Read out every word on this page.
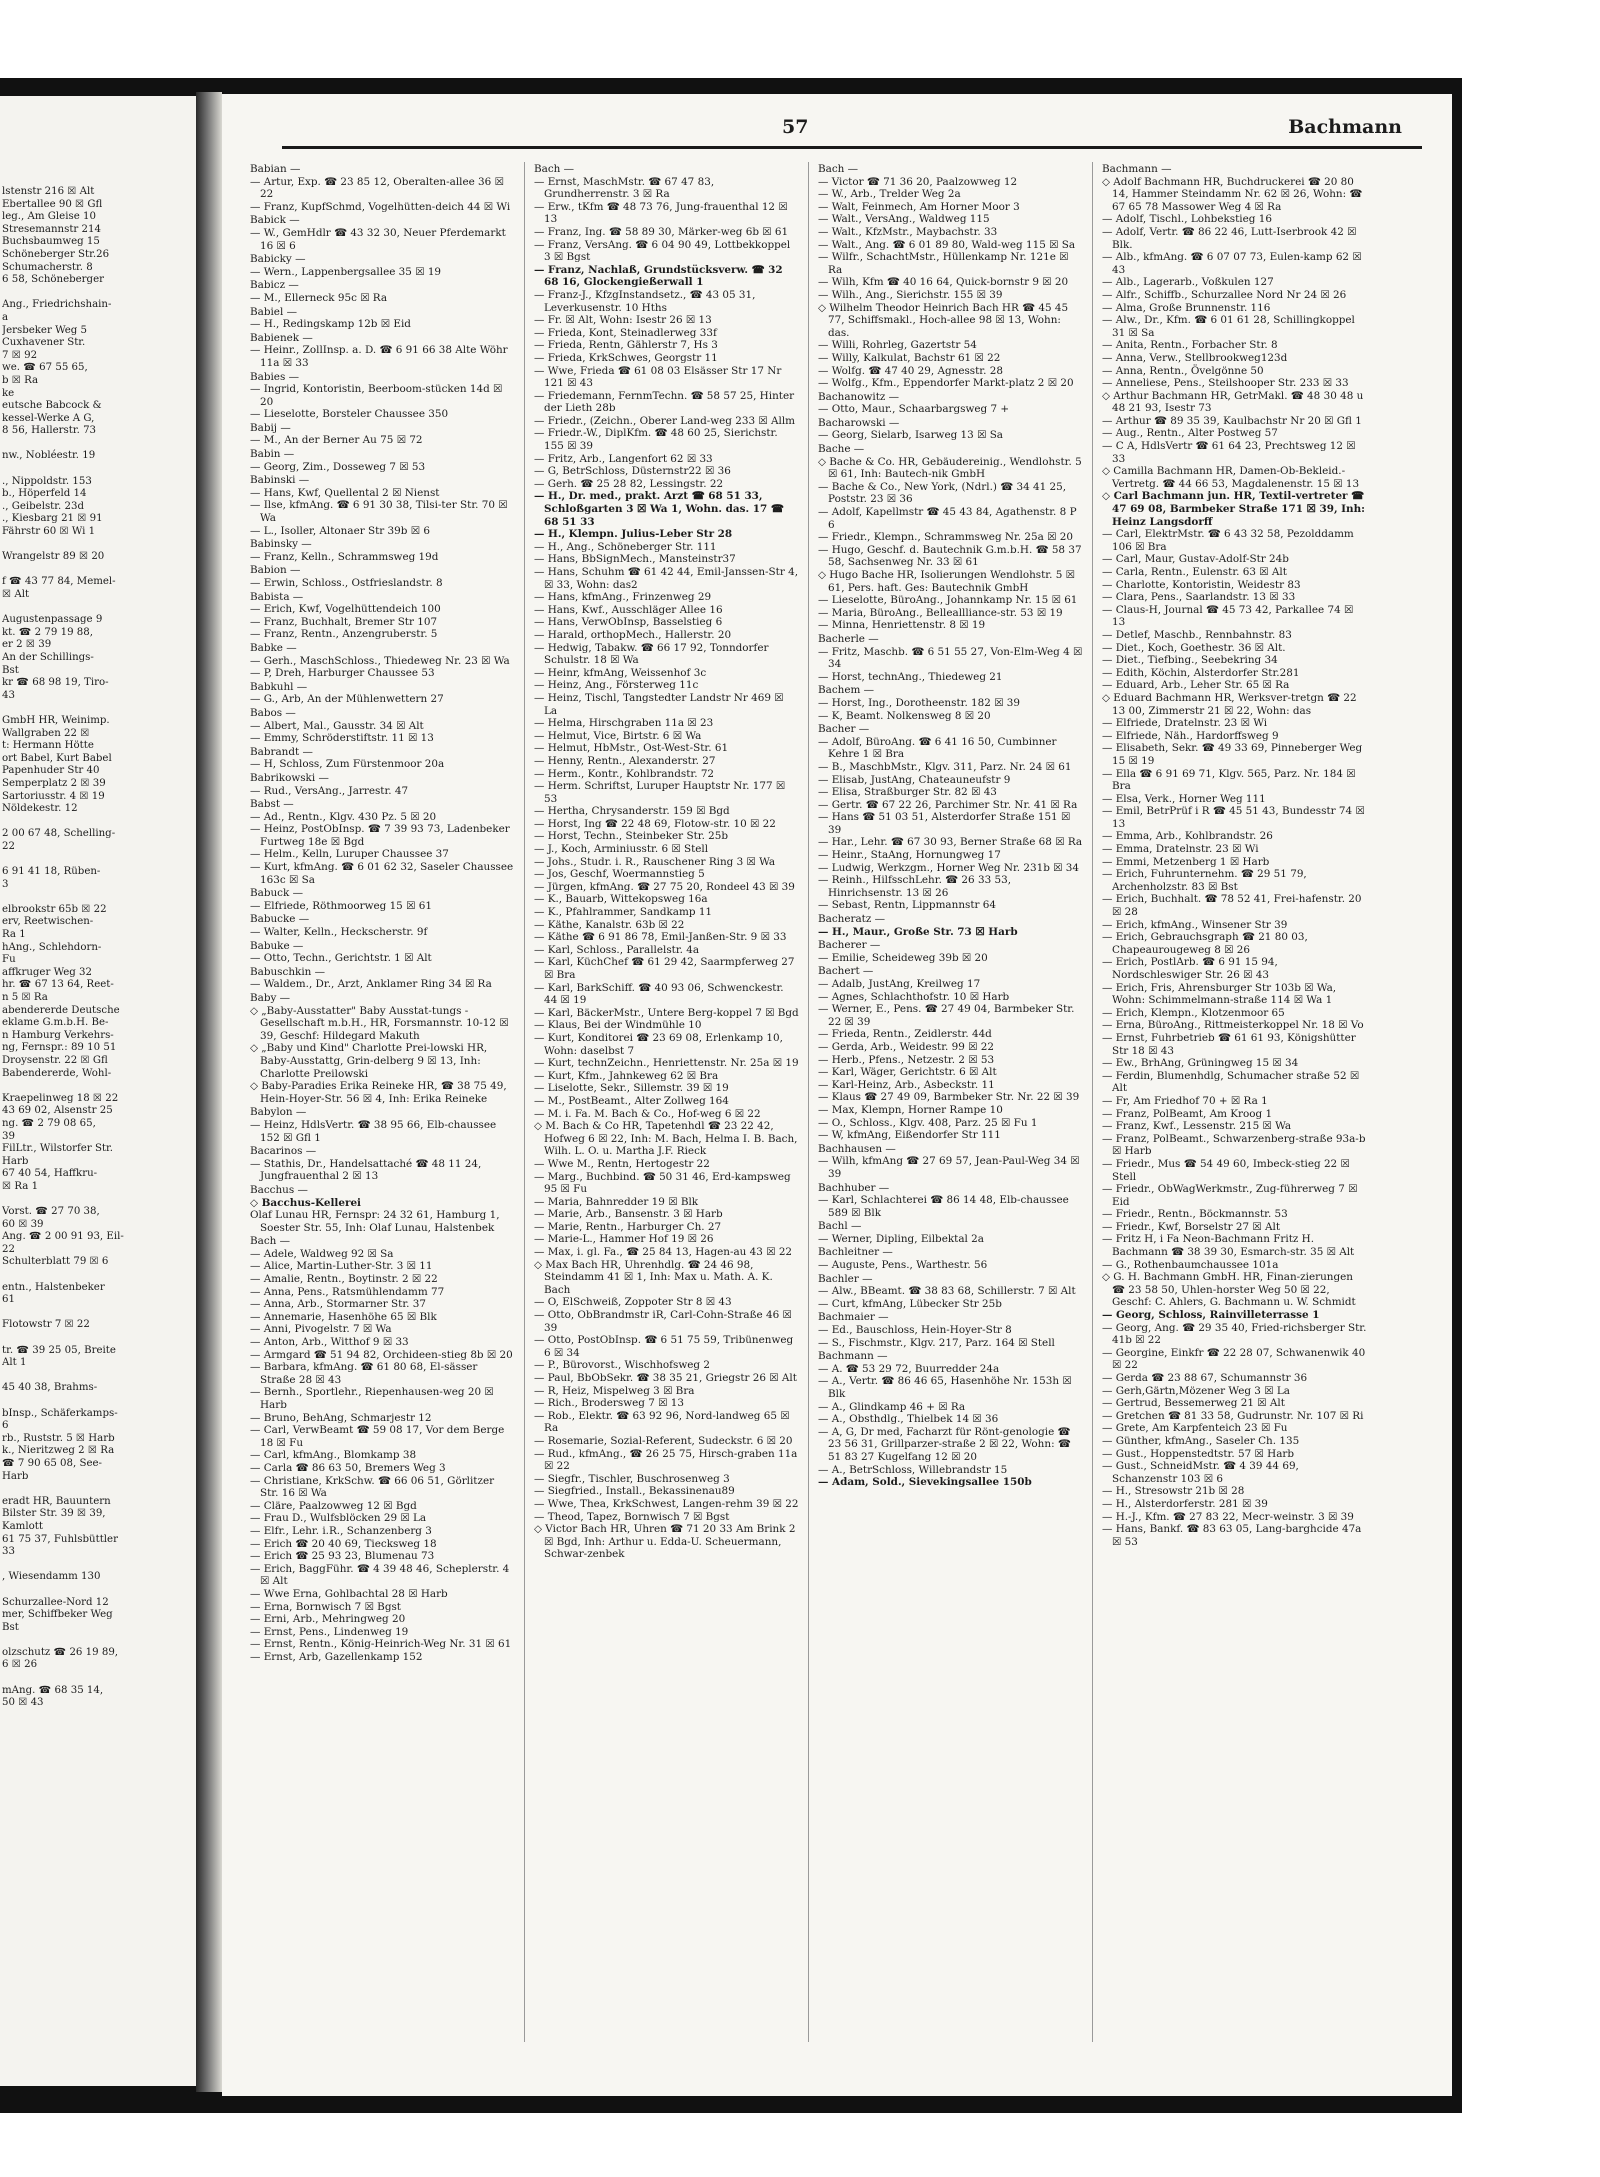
lstenstr 216 ☒ Alt
Ebertallee 90 ☒ Gfl
leg., Am Gleise 10
Stresemannstr 214
Buchsbaumweg 15
Schöneberger Str.26
Schumacherstr. 8
6 58, Schöneberger

Ang., Friedrichshain-
a
Jersbeker Weg 5
Cuxhavener Str.
7 ☒ 92
we. ☎ 67 55 65,
b ☒ Ra
ke
eutsche Babcock &
kessel-Werke A G,
8 56, Hallerstr. 73

nw., Nobléestr. 19

., Nippoldstr. 153
b., Höperfeld 14
., Geibelstr. 23d
., Kiesbarg 21 ☒ 91
Fährstr 60 ☒ Wi 1

Wrangelstr 89 ☒ 20

f ☎ 43 77 84, Memel-
☒ Alt

Augustenpassage 9
kt. ☎ 2 79 19 88,
er 2 ☒ 39
An der Schillings-
Bst
kr ☎ 68 98 19, Tiro-
43

GmbH HR, Weinimp.
Wallgraben 22 ☒
t: Hermann Hötte
ort Babel, Kurt Babel
Papenhuder Str 40
Semperplatz 2 ☒ 39
Sartoriusstr. 4 ☒ 19
Nöldekestr. 12

2 00 67 48, Schelling-
22

6 91 41 18, Rüben-
3

elbrookstr 65b ☒ 22
erv, Reetwischen-
Ra 1
hAng., Schlehdorn-
Fu
affkruger Weg 32
hr. ☎ 67 13 64, Reet-
n 5 ☒ Ra
abendererde Deutsche
eklame G.m.b.H. Be-
n Hamburg Verkehrs-
ng, Fernspr.: 89 10 51
Droysenstr. 22 ☒ Gfl
Babendererde, Wohl-

Kraepelinweg 18 ☒ 22
43 69 02, Alsenstr 25
ng. ☎ 2 79 08 65,
39
FilLtr., Wilstorfer Str.
Harb
67 40 54, Haffkru-
☒ Ra 1

Vorst. ☎ 27 70 38,
60 ☒ 39
Ang. ☎ 2 00 91 93, Eil-
22
Schulterblatt 79 ☒ 6

entn., Halstenbeker
61

Flotowstr 7 ☒ 22

tr. ☎ 39 25 05, Breite
Alt 1

45 40 38, Brahms-

bInsp., Schäferkamps-
6
rb., Ruststr. 5 ☒ Harb
k., Nieritzweg 2 ☒ Ra
☎ 7 90 65 08, See-
Harb

eradt HR, Bauuntern
Bilster Str. 39 ☒ 39,
Kamlott
61 75 37, Fuhlsbüttler
33

, Wiesendamm 130

Schurzallee-Nord 12
mer, Schiffbeker Weg
Bst

olzschutz ☎ 26 19 89,
6 ☒ 26

mAng. ☎ 68 35 14,
50 ☒ 43
57	Bachmann
Babian —
— Artur, Exp. ☎ 23 85 12, Oberalten-allee 36 ☒ 22
— Franz, KupfSchmd, Vogelhütten-deich 44 ☒ Wi
Babick —
— W., GemHdlr ☎ 43 32 30, Neuer Pferdemarkt 16 ☒ 6
Babicky —
— Wern., Lappenbergsallee 35 ☒ 19
Babicz —
— M., Ellerneck 95c ☒ Ra
Babiel —
— H., Redingskamp 12b ☒ Eid
Babienek —
— Heinr., ZollInsp. a. D. ☎ 6 91 66 38 Alte Wöhr 11a ☒ 33
Babies —
— Ingrid, Kontoristin, Beerboom-stücken 14d ☒ 20
— Lieselotte, Borsteler Chaussee 350
Babij —
— M., An der Berner Au 75 ☒ 72
Babin —
— Georg, Zim., Dosseweg 7 ☒ 53
Babinski —
— Hans, Kwf, Quellental 2 ☒ Nienst
— Ilse, kfmAng. ☎ 6 91 30 38, Tilsi-ter Str. 70 ☒ Wa
— L., Isoller, Altonaer Str 39b ☒ 6
Babinsky —
— Franz, Kelln., Schrammsweg 19d
Babion —
— Erwin, Schloss., Ostfrieslandstr. 8
Babista —
— Erich, Kwf, Vogelhüttendeich 100
— Franz, Buchhalt, Bremer Str 107
— Franz, Rentn., Anzengruberstr. 5
Babke —
— Gerh., MaschSchloss., Thiedeweg Nr. 23 ☒ Wa
— P, Dreh, Harburger Chaussee 53
Babkuhl —
— G., Arb, An der Mühlenwettern 27
Babos —
— Albert, Mal., Gausstr. 34 ☒ Alt
— Emmy, Schröderstiftstr. 11 ☒ 13
Babrandt —
— H, Schloss, Zum Fürstenmoor 20a
Babrikowski —
— Rud., VersAng., Jarrestr. 47
Babst —
— Ad., Rentn., Klgv. 430 Pz. 5 ☒ 20
— Heinz, PostObInsp. ☎ 7 39 93 73, Ladenbeker Furtweg 18e ☒ Bgd
— Helm., Kelln, Luruper Chaussee 37
— Kurt, kfmAng. ☎ 6 01 62 32, Saseler Chaussee 163c ☒ Sa
Babuck —
— Elfriede, Röthmoorweg 15 ☒ 61
Babucke —
— Walter, Kelln., Heckscherstr. 9f
Babuke —
— Otto, Techn., Gerichtstr. 1 ☒ Alt
Babuschkin —
— Waldem., Dr., Arzt, Anklamer Ring 34 ☒ Ra
Baby —
◇ „Baby-Ausstatter" Baby Ausstat-tungs - Gesellschaft m.b.H., HR, Forsmannstr. 10-12 ☒ 39, Geschf: Hildegard Makuth
◇ „Baby und Kind" Charlotte Prei-lowski HR, Baby-Ausstattg, Grin-delberg 9 ☒ 13, Inh: Charlotte Preilowski
◇ Baby-Paradies Erika Reineke HR, ☎ 38 75 49, Hein-Hoyer-Str. 56 ☒ 4, Inh: Erika Reineke
Babylon —
— Heinz, HdlsVertr. ☎ 38 95 66, Elb-chaussee 152 ☒ Gfl 1
Bacarinos —
— Stathis, Dr., Handelsattaché ☎ 48 11 24, Jungfrauenthal 2 ☒ 13
Bacchus —
◇ Bacchus-Kellerei
Olaf Lunau HR, Fernspr: 24 32 61, Hamburg 1, Soester Str. 55, Inh: Olaf Lunau, Halstenbek
Bach —
— Adele, Waldweg 92 ☒ Sa
— Alice, Martin-Luther-Str. 3 ☒ 11
— Amalie, Rentn., Boytinstr. 2 ☒ 22
— Anna, Pens., Ratsmühlendamm 77
— Anna, Arb., Stormarner Str. 37
— Annemarie, Hasenhöhe 65 ☒ Blk
— Anni, Pivogelstr. 7 ☒ Wa
— Anton, Arb., Witthof 9 ☒ 33
— Armgard ☎ 51 94 82, Orchideen-stieg 8b ☒ 20
— Barbara, kfmAng. ☎ 61 80 68, El-sässer Straße 28 ☒ 43
— Bernh., Sportlehr., Riepenhausen-weg 20 ☒ Harb
— Bruno, BehAng, Schmarjestr 12
— Carl, VerwBeamt ☎ 59 08 17, Vor dem Berge 18 ☒ Fu
— Carl, kfmAng., Blomkamp 38
— Carla ☎ 86 63 50, Bremers Weg 3
— Christiane, KrkSchw. ☎ 66 06 51, Görlitzer Str. 16 ☒ Wa
— Cläre, Paalzowweg 12 ☒ Bgd
— Frau D., Wulfsblöcken 29 ☒ La
— Elfr., Lehr. i.R., Schanzenberg 3
— Erich ☎ 20 40 69, Tiecksweg 18
— Erich ☎ 25 93 23, Blumenau 73
— Erich, BaggFühr. ☎ 4 39 48 46, Scheplerstr. 4 ☒ Alt
— Wwe Erna, Gohlbachtal 28 ☒ Harb
— Erna, Bornwisch 7 ☒ Bgst
— Erni, Arb., Mehringweg 20
— Ernst, Pens., Lindenweg 19
— Ernst, Rentn., König-Heinrich-Weg Nr. 31 ☒ 61
— Ernst, Arb, Gazellenkamp 152
Bach —
— Ernst, MaschMstr. ☎ 67 47 83, Grundherrenstr. 3 ☒ Ra
— Erw., tKfm ☎ 48 73 76, Jung-frauenthal 12 ☒ 13
— Franz, Ing. ☎ 58 89 30, Märker-weg 6b ☒ 61
— Franz, VersAng. ☎ 6 04 90 49, Lottbekkoppel 3 ☒ Bgst
— Franz, Nachlaß, Grundstücksverw. ☎ 32 68 16, Glockengießerwall 1
— Franz-J., KfzgInstandsetz., ☎ 43 05 31, Leverkusenstr. 10 Hths
— Fr. ☒ Alt, Wohn: Isestr 26 ☒ 13
— Frieda, Kont, Steinadlerweg 33f
— Frieda, Rentn, Gählerstr 7, Hs 3
— Frieda, KrkSchwes, Georgstr 11
— Wwe, Frieda ☎ 61 08 03 Elsässer Str 17 Nr 121 ☒ 43
— Friedemann, FernmTechn. ☎ 58 57 25, Hinter der Lieth 28b
— Friedr., (Zeichn., Oberer Land-weg 233 ☒ Allm
— Friedr.-W., DiplKfm. ☎ 48 60 25, Sierichstr. 155 ☒ 39
— Fritz, Arb., Langenfort 62 ☒ 33
— G, BetrSchloss, Düsternstr22 ☒ 36
— Gerh. ☎ 25 28 82, Lessingstr. 22
— H., Dr. med., prakt. Arzt ☎ 68 51 33, Schloßgarten 3 ☒ Wa 1, Wohn. das. 17 ☎ 68 51 33
— H., Klempn. Julius-Leber Str 28
— H., Ang., Schöneberger Str. 111
— Hans, BbSignMech., Mansteinstr37
— Hans, Schuhm ☎ 61 42 44, Emil-Janssen-Str 4, ☒ 33, Wohn: das2
— Hans, kfmAng., Frinzenweg 29
— Hans, Kwf., Ausschläger Allee 16
— Hans, VerwObInsp, Basselstieg 6
— Harald, orthopMech., Hallerstr. 20
— Hedwig, Tabakw. ☎ 66 17 92, Tonndorfer Schulstr. 18 ☒ Wa
— Heinr, kfmAng, Weissenhof 3c
— Heinz, Ang., Försterweg 11c
— Heinz, Tischl, Tangstedter Landstr Nr 469 ☒ La
— Helma, Hirschgraben 11a ☒ 23
— Helmut, Vice, Birtstr. 6 ☒ Wa
— Helmut, HbMstr., Ost-West-Str. 61
— Henny, Rentn., Alexanderstr. 27
— Herm., Kontr., Kohlbrandstr. 72
— Herm. Schriftst, Luruper Hauptstr Nr. 177 ☒ 53
— Hertha, Chrysanderstr. 159 ☒ Bgd
— Horst, Ing ☎ 22 48 69, Flotow-str. 10 ☒ 22
— Horst, Techn., Steinbeker Str. 25b
— J., Koch, Arminiusstr. 6 ☒ Stell
— Johs., Studr. i. R., Rauschener Ring 3 ☒ Wa
— Jos, Geschf, Woermannstieg 5
— Jürgen, kfmAng. ☎ 27 75 20, Rondeel 43 ☒ 39
— K., Bauarb, Wittekopsweg 16a
— K., Pfahlrammer, Sandkamp 11
— Käthe, Kanalstr. 63b ☒ 22
— Käthe ☎ 6 91 86 78, Emil-Janßen-Str. 9 ☒ 33
— Karl, Schloss., Parallelstr. 4a
— Karl, KüchChef ☎ 61 29 42, Saarmpferweg 27 ☒ Bra
— Karl, BarkSchiff. ☎ 40 93 06, Schwenckestr. 44 ☒ 19
— Karl, BäckerMstr., Untere Berg-koppel 7 ☒ Bgd
— Klaus, Bei der Windmühle 10
— Kurt, Konditorei ☎ 23 69 08, Erlenkamp 10, Wohn: daselbst 7
— Kurt, technZeichn., Henriettenstr. Nr. 25a ☒ 19
— Kurt, Kfm., Jahnkeweg 62 ☒ Bra
— Liselotte, Sekr., Sillemstr. 39 ☒ 19
— M., PostBeamt., Alter Zollweg 164
— M. i. Fa. M. Bach & Co., Hof-weg 6 ☒ 22
◇ M. Bach & Co HR, Tapetenhdl ☎ 23 22 42, Hofweg 6 ☒ 22, Inh: M. Bach, Helma I. B. Bach, Wilh. L. O. u. Martha J.F. Rieck
— Wwe M., Rentn, Hertogestr 22
— Marg., Buchbind. ☎ 50 31 46, Erd-kampsweg 95 ☒ Fu
— Maria, Bahnredder 19 ☒ Blk
— Marie, Arb., Bansenstr. 3 ☒ Harb
— Marie, Rentn., Harburger Ch. 27
— Marie-L., Hammer Hof 19 ☒ 26
— Max, i. gl. Fa., ☎ 25 84 13, Hagen-au 43 ☒ 22
◇ Max Bach HR, Uhrenhdlg. ☎ 24 46 98, Steindamm 41 ☒ 1, Inh: Max u. Math. A. K. Bach
— O, ElSchweiß, Zoppoter Str 8 ☒ 43
— Otto, ObBrandmstr iR, Carl-Cohn-Straße 46 ☒ 39
— Otto, PostObInsp. ☎ 6 51 75 59, Tribünenweg 6 ☒ 34
— P., Bürovorst., Wischhofsweg 2
— Paul, BbObSekr. ☎ 38 35 21, Griegstr 26 ☒ Alt
— R, Heiz, Mispelweg 3 ☒ Bra
— Rich., Brodersweg 7 ☒ 13
— Rob., Elektr. ☎ 63 92 96, Nord-landweg 65 ☒ Ra
— Rosemarie, Sozial-Referent, Sudeckstr. 6 ☒ 20
— Rud., kfmAng., ☎ 26 25 75, Hirsch-graben 11a ☒ 22
— Siegfr., Tischler, Buschrosenweg 3
— Siegfried., Install., Bekassinenau89
— Wwe, Thea, KrkSchwest, Langen-rehm 39 ☒ 22
— Theod, Tapez, Bornwisch 7 ☒ Bgst
◇ Victor Bach HR, Uhren ☎ 71 20 33 Am Brink 2 ☒ Bgd, Inh: Arthur u. Edda-U. Scheuermann, Schwar-zenbek
Bach —
— Victor ☎ 71 36 20, Paalzowweg 12
— W., Arb., Trelder Weg 2a
— Walt, Feinmech, Am Horner Moor 3
— Walt., VersAng., Waldweg 115
— Walt., KfzMstr., Maybachstr. 33
— Walt., Ang. ☎ 6 01 89 80, Wald-weg 115 ☒ Sa
— Wilfr., SchachtMstr., Hüllenkamp Nr. 121e ☒ Ra
— Wilh, Kfm ☎ 40 16 64, Quick-bornstr 9 ☒ 20
— Wilh., Ang., Sierichstr. 155 ☒ 39
◇ Wilhelm Theodor Heinrich Bach HR ☎ 45 45 77, Schiffsmakl., Hoch-allee 98 ☒ 13, Wohn: das.
— Willi, Rohrleg, Gazertstr 54
— Willy, Kalkulat, Bachstr 61 ☒ 22
— Wolfg. ☎ 47 40 29, Agnesstr. 28
— Wolfg., Kfm., Eppendorfer Markt-platz 2 ☒ 20
Bachanowitz —
— Otto, Maur., Schaarbargsweg 7 +
Bacharowski —
— Georg, Sielarb, Isarweg 13 ☒ Sa
Bache —
◇ Bache & Co. HR, Gebäudereinig., Wendlohstr. 5 ☒ 61, Inh: Bautech-nik GmbH
— Bache & Co., New York, (Ndrl.) ☎ 34 41 25, Poststr. 23 ☒ 36
— Adolf, Kapellmstr ☎ 45 43 84, Agathenstr. 8 P 6
— Friedr., Klempn., Schrammsweg Nr. 25a ☒ 20
— Hugo, Geschf. d. Bautechnik G.m.b.H. ☎ 58 37 58, Sachsenweg Nr. 33 ☒ 61
◇ Hugo Bache HR, Isolierungen Wendlohstr. 5 ☒ 61, Pers. haft. Ges: Bautechnik GmbH
— Lieselotte, BüroAng., Johannkamp Nr. 15 ☒ 61
— Maria, BüroAng., Belleallliance-str. 53 ☒ 19
— Minna, Henriettenstr. 8 ☒ 19
Bacherle —
— Fritz, Maschb. ☎ 6 51 55 27, Von-Elm-Weg 4 ☒ 34
— Horst, technAng., Thiedeweg 21
Bachem —
— Horst, Ing., Dorotheenstr. 182 ☒ 39
— K, Beamt. Nolkensweg 8 ☒ 20
Bacher —
— Adolf, BüroAng. ☎ 6 41 16 50, Cumbinner Kehre 1 ☒ Bra
— B., MaschbMstr., Klgv. 311, Parz. Nr. 24 ☒ 61
— Elisab, JustAng, Chateauneufstr 9
— Elisa, Straßburger Str. 82 ☒ 43
— Gertr. ☎ 67 22 26, Parchimer Str. Nr. 41 ☒ Ra
— Hans ☎ 51 03 51, Alsterdorfer Straße 151 ☒ 39
— Har., Lehr. ☎ 67 30 93, Berner Straße 68 ☒ Ra
— Heinr., StaAng, Hornungweg 17
— Ludwig, Werkzgm., Horner Weg Nr. 231b ☒ 34
— Reinh., HilfsschLehr. ☎ 26 33 53, Hinrichsenstr. 13 ☒ 26
— Sebast, Rentn, Lippmannstr 64
Bacheratz —
— H., Maur., Große Str. 73 ☒ Harb
Bacherer —
— Emilie, Scheideweg 39b ☒ 20
Bachert —
— Adalb, JustAng, Kreilweg 17
— Agnes, Schlachthofstr. 10 ☒ Harb
— Werner, E., Pens. ☎ 27 49 04, Barmbeker Str. 22 ☒ 39
— Frieda, Rentn., Zeidlerstr. 44d
— Gerda, Arb., Weidestr. 99 ☒ 22
— Herb., Pfens., Netzestr. 2 ☒ 53
— Karl, Wäger, Gerichtstr. 6 ☒ Alt
— Karl-Heinz, Arb., Asbeckstr. 11
— Klaus ☎ 27 49 09, Barmbeker Str. Nr. 22 ☒ 39
— Max, Klempn, Horner Rampe 10
— O., Schloss., Klgv. 408, Parz. 25 ☒ Fu 1
— W, kfmAng, Eißendorfer Str 111
Bachhausen —
— Wilh, kfmAng ☎ 27 69 57, Jean-Paul-Weg 34 ☒ 39
Bachhuber —
— Karl, Schlachterei ☎ 86 14 48, Elb-chaussee 589 ☒ Blk
Bachl —
— Werner, Dipling, Eilbektal 2a
Bachleitner —
— Auguste, Pens., Warthestr. 56
Bachler —
— Alw., BBeamt. ☎ 38 83 68, Schillerstr. 7 ☒ Alt
— Curt, kfmAng, Lübecker Str 25b
Bachmaier —
— Ed., Bauschloss, Hein-Hoyer-Str 8
— S., Fischmstr., Klgv. 217, Parz. 164 ☒ Stell
Bachmann —
— A. ☎ 53 29 72, Buurredder 24a
— A., Vertr. ☎ 86 46 65, Hasenhöhe Nr. 153h ☒ Blk
— A., Glindkamp 46 + ☒ Ra
— A., Obsthdlg., Thielbek 14 ☒ 36
— A, G, Dr med, Facharzt für Rönt-genologie ☎ 23 56 31, Grillparzer-straße 2 ☒ 22, Wohn: ☎ 51 83 27 Kugelfang 12 ☒ 20
— A., BetrSchloss, Willebrandstr 15
— Adam, Sold., Sievekingsallee 150b
Bachmann —
◇ Adolf Bachmann HR, Buchdruckerei ☎ 20 80 14, Hammer Steindamm Nr. 62 ☒ 26, Wohn: ☎ 67 65 78 Massower Weg 4 ☒ Ra
— Adolf, Tischl., Lohbekstieg 16
— Adolf, Vertr. ☎ 86 22 46, Lutt-Iserbrook 42 ☒ Blk.
— Alb., kfmAng. ☎ 6 07 07 73, Eulen-kamp 62 ☒ 43
— Alb., Lagerarb., Voßkulen 127
— Alfr., Schiffb., Schurzallee Nord Nr 24 ☒ 26
— Alma, Große Brunnenstr. 116
— Alw., Dr., Kfm. ☎ 6 01 61 28, Schillingkoppel 31 ☒ Sa
— Anita, Rentn., Forbacher Str. 8
— Anna, Verw., Stellbrookweg123d
— Anna, Rentn., Övelgönne 50
— Anneliese, Pens., Steilshooper Str. 233 ☒ 33
◇ Arthur Bachmann HR, GetrMakl. ☎ 48 30 48 u 48 21 93, Isestr 73
— Arthur ☎ 89 35 39, Kaulbachstr Nr 20 ☒ Gfl 1
— Aug., Rentn., Alter Postweg 57
— C A, HdlsVertr ☎ 61 64 23, Prechtsweg 12 ☒ 33
◇ Camilla Bachmann HR, Damen-Ob-Bekleid.-Vertretg. ☎ 44 66 53, Magdalenenstr. 15 ☒ 13
◇ Carl Bachmann jun. HR, Textil-vertreter ☎ 47 69 08, Barmbeker Straße 171 ☒ 39, Inh: Heinz Langsdorff
— Carl, ElektrMstr. ☎ 6 43 32 58, Pezolddamm 106 ☒ Bra
— Carl, Maur, Gustav-Adolf-Str 24b
— Carla, Rentn., Eulenstr. 63 ☒ Alt
— Charlotte, Kontoristin, Weidestr 83
— Clara, Pens., Saarlandstr. 13 ☒ 33
— Claus-H, Journal ☎ 45 73 42, Parkallee 74 ☒ 13
— Detlef, Maschb., Rennbahnstr. 83
— Diet., Koch, Goethestr. 36 ☒ Alt.
— Diet., Tiefbing., Seebekring 34
— Edith, Köchin, Alsterdorfer Str.281
— Eduard, Arb., Leher Str. 65 ☒ Ra
◇ Eduard Bachmann HR, Werksver-tretgn ☎ 22 13 00, Zimmerstr 21 ☒ 22, Wohn: das
— Elfriede, Dratelnstr. 23 ☒ Wi
— Elfriede, Näh., Hardorffsweg 9
— Elisabeth, Sekr. ☎ 49 33 69, Pinneberger Weg 15 ☒ 19
— Ella ☎ 6 91 69 71, Klgv. 565, Parz. Nr. 184 ☒ Bra
— Elsa, Verk., Horner Weg 111
— Emil, BetrPrüf i R ☎ 45 51 43, Bundesstr 74 ☒ 13
— Emma, Arb., Kohlbrandstr. 26
— Emma, Dratelnstr. 23 ☒ Wi
— Emmi, Metzenberg 1 ☒ Harb
— Erich, Fuhrunternehm. ☎ 29 51 79, Archenholzstr. 83 ☒ Bst
— Erich, Buchhalt. ☎ 78 52 41, Frei-hafenstr. 20 ☒ 28
— Erich, kfmAng., Winsener Str 39
— Erich, Gebrauchsgraph ☎ 21 80 03, Chapeaurougeweg 8 ☒ 26
— Erich, PostlArb. ☎ 6 91 15 94, Nordschleswiger Str. 26 ☒ 43
— Erich, Fris, Ahrensburger Str 103b ☒ Wa, Wohn: Schimmelmann-straße 114 ☒ Wa 1
— Erich, Klempn., Klotzenmoor 65
— Erna, BüroAng., Rittmeisterkoppel Nr. 18 ☒ Vo
— Ernst, Fuhrbetrieb ☎ 61 61 93, Königshütter Str 18 ☒ 43
— Ew., BrhAng, Grüningweg 15 ☒ 34
— Ferdin, Blumenhdlg, Schumacher straße 52 ☒ Alt
— Fr, Am Friedhof 70 + ☒ Ra 1
— Franz, PolBeamt, Am Kroog 1
— Franz, Kwf., Lessenstr. 215 ☒ Wa
— Franz, PolBeamt., Schwarzenberg-straße 93a-b ☒ Harb
— Friedr., Mus ☎ 54 49 60, Imbeck-stieg 22 ☒ Stell
— Friedr., ObWagWerkmstr., Zug-führerweg 7 ☒ Eid
— Friedr., Rentn., Böckmannstr. 53
— Friedr., Kwf, Borselstr 27 ☒ Alt
— Fritz H, i Fa Neon-Bachmann Fritz H. Bachmann ☎ 38 39 30, Esmarch-str. 35 ☒ Alt
— G., Rothenbaumchaussee 101a
◇ G. H. Bachmann GmbH. HR, Finan-zierungen ☎ 23 58 50, Uhlen-horster Weg 50 ☒ 22, Geschf: C. Ahlers, G. Bachmann u. W. Schmidt
— Georg, Schloss, Rainvilleterrasse 1
— Georg, Ang. ☎ 29 35 40, Fried-richsberger Str. 41b ☒ 22
— Georgine, Einkfr ☎ 22 28 07, Schwanenwik 40 ☒ 22
— Gerda ☎ 23 88 67, Schumannstr 36
— Gerh,Gärtn,Mözener Weg 3 ☒ La
— Gertrud, Bessemerweg 21 ☒ Alt
— Gretchen ☎ 81 33 58, Gudrunstr. Nr. 107 ☒ Ri
— Grete, Am Karpfenteich 23 ☒ Fu
— Günther, kfmAng., Saseler Ch. 135
— Gust., Hoppenstedtstr. 57 ☒ Harb
— Gust., SchneidMstr. ☎ 4 39 44 69, Schanzenstr 103 ☒ 6
— H., Stresowstr 21b ☒ 28
— H., Alsterdorferstr. 281 ☒ 39
— H.-J., Kfm. ☎ 27 83 22, Mecr-weinstr. 3 ☒ 39
— Hans, Bankf. ☎ 83 63 05, Lang-barghcide 47a ☒ 53
